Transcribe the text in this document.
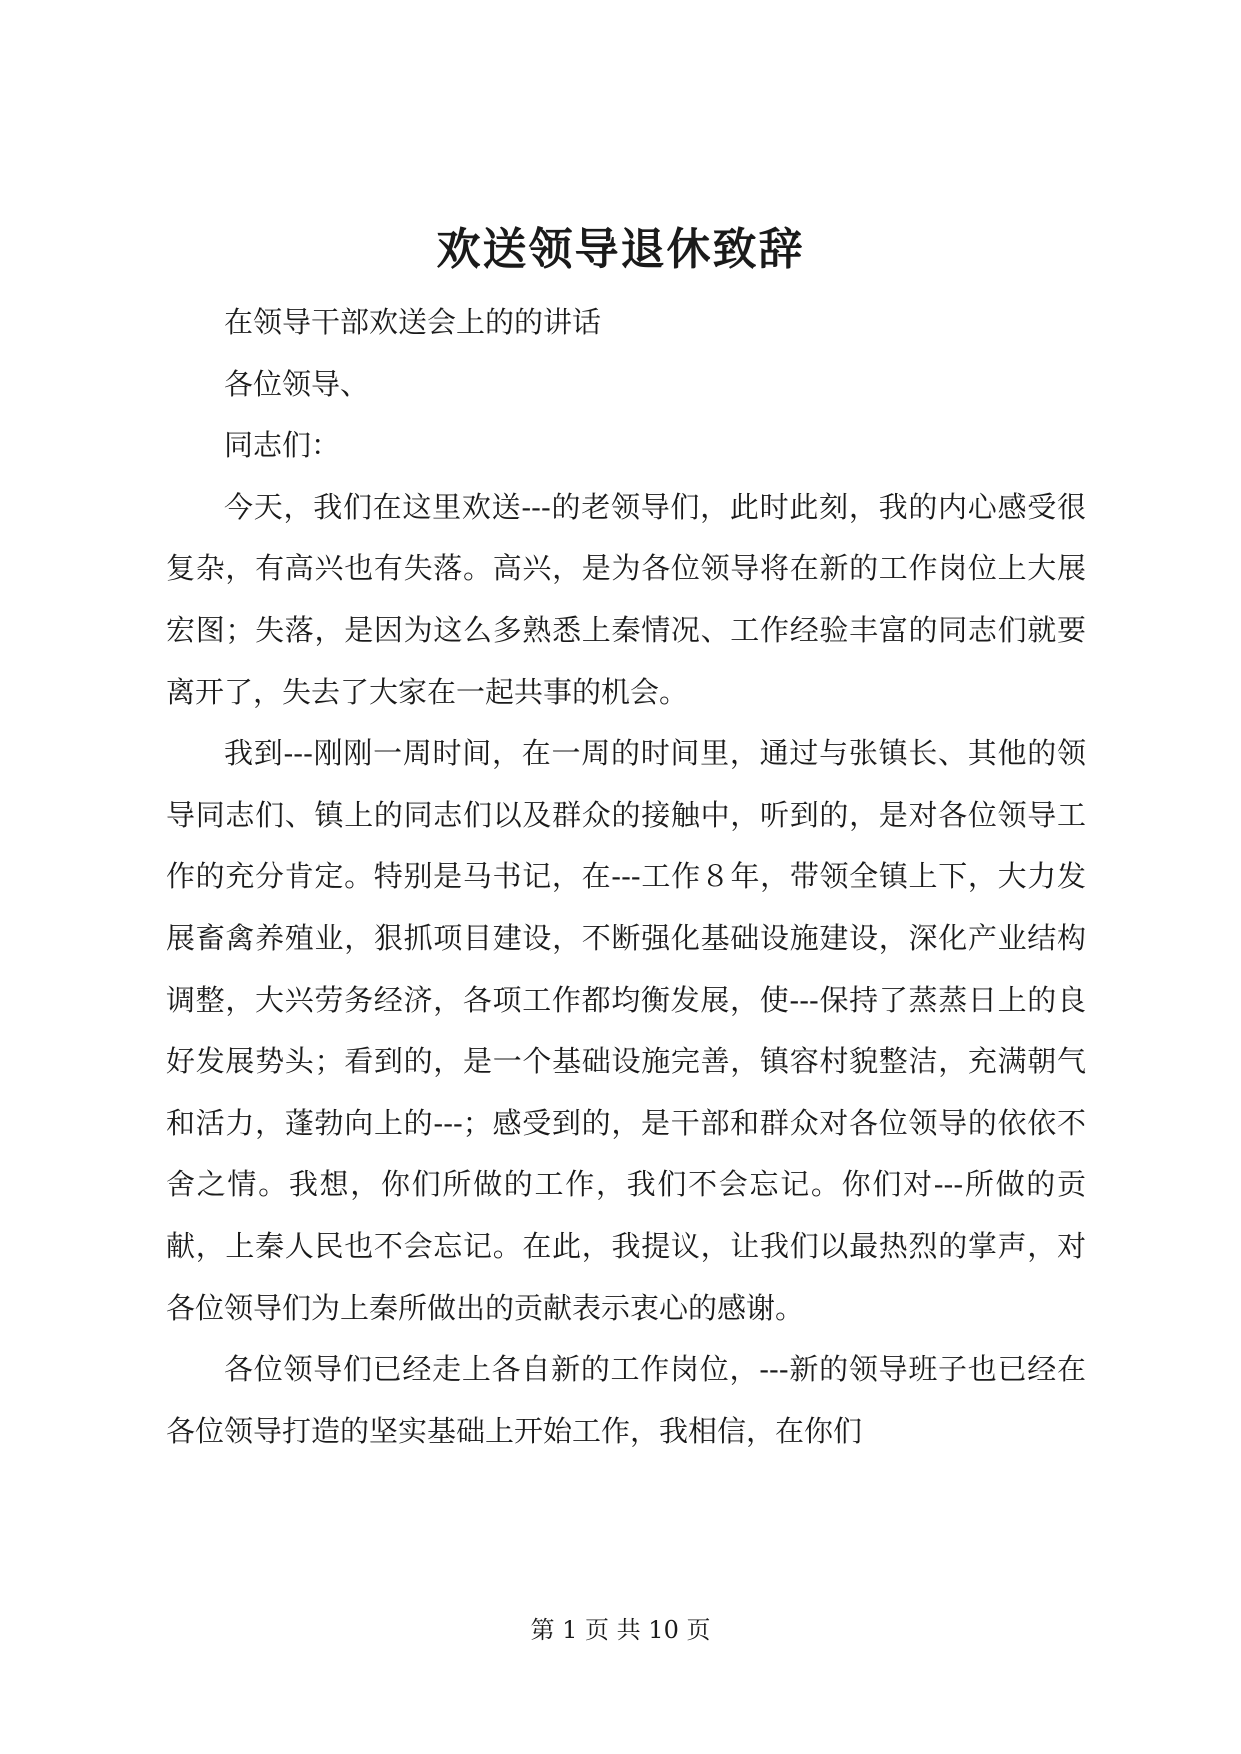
欢送领导退休致辞

在领导干部欢送会上的的讲话

各位领导、

同志们：

今天，我们在这里欢送---的老领导们，此时此刻，我的内心感受很复杂，有高兴也有失落。高兴，是为各位领导将在新的工作岗位上大展宏图；失落，是因为这么多熟悉上秦情况、工作经验丰富的同志们就要离开了，失去了大家在一起共事的机会。

我到---刚刚一周时间，在一周的时间里，通过与张镇长、其他的领导同志们、镇上的同志们以及群众的接触中，听到的，是对各位领导工作的充分肯定。特别是马书记，在---工作８年，带领全镇上下，大力发展畜禽养殖业，狠抓项目建设，不断强化基础设施建设，深化产业结构调整，大兴劳务经济，各项工作都均衡发展，使---保持了蒸蒸日上的良好发展势头；看到的，是一个基础设施完善，镇容村貌整洁，充满朝气和活力，蓬勃向上的---；感受到的，是干部和群众对各位领导的依依不舍之情。我想，你们所做的工作，我们不会忘记。你们对---所做的贡献，上秦人民也不会忘记。在此，我提议，让我们以最热烈的掌声，对各位领导们为上秦所做出的贡献表示衷心的感谢。

各位领导们已经走上各自新的工作岗位，---新的领导班子也已经在各位领导打造的坚实基础上开始工作，我相信，在你们

第 1 页 共 10 页
